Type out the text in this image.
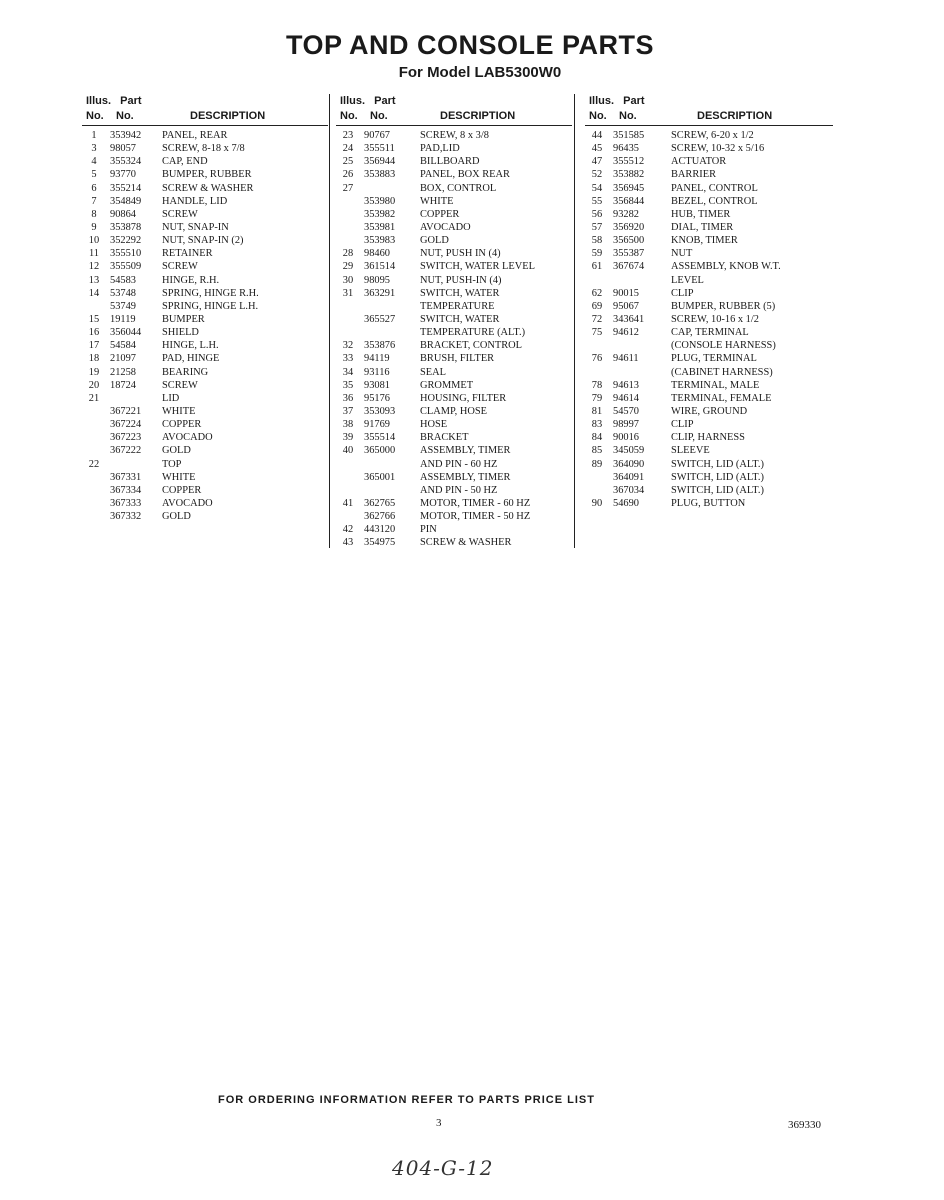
TOP AND CONSOLE PARTS
For Model LAB5300W0
Illus. Part
No. No.	DESCRIPTION
1	353942 PANEL, REAR
3	98057	SCREW, 8-18 x 7/8
4	355324 CAP, END
5	93770	BUMPER, RUBBER
6	355214 SCREW & WASHER
7	354849 HANDLE, LID
8	90864	SCREW
9	353878 NUT, SNAP-IN
10	352292 NUT, SNAP-IN (2)
11	355510 RETAINER
12	355509 SCREW
13	54583	HINGE, R.H.
14	53748	SPRING, HINGE R.H.
53749	SPRING, HINGE L.H.
15	19119	BUMPER
16	356044 SHIELD
17	54584	HINGE, L.H.
18	21097	PAD, HINGE
19	21258	BEARING
20	18724	SCREW
21	LID
367221 WHITE
367224 COPPER
367223 AVOCADO
367222 GOLD
22	TOP
367331 WHITE
367334 COPPER
367333 AVOCADO
367332 GOLD
Illus. Part
No. No.	DESCRIPTION
23	90767	SCREW, 8 x 3/8
24	355511 PAD,LID
25	356944 BILLBOARD
26	353883 PANEL, BOX REAR
27	BOX, CONTROL
353980 WHITE
353982 COPPER
353981 AVOCADO
353983 GOLD
28	98460	NUT, PUSH IN (4)
29	361514 SWITCH, WATER LEVEL
30	98095	NUT, PUSH-IN (4)
31	363291 SWITCH, WATER
TEMPERATURE
365527 SWITCH, WATER
TEMPERATURE (ALT.)
32	353876 BRACKET, CONTROL
33	94119	BRUSH, FILTER
34	93116	SEAL
35	93081	GROMMET
36	95176	HOUSING, FILTER
37	353093 CLAMP, HOSE
38	91769	HOSE
39	355514 BRACKET
40	365000 ASSEMBLY, TIMER
AND PIN - 60 HZ
365001 ASSEMBLY, TIMER
AND PIN - 50 HZ
41	362765 MOTOR, TIMER - 60 HZ
362766 MOTOR, TIMER - 50 HZ
42	443120 PIN
43	354975 SCREW & WASHER
Illus. Part
No. No.	DESCRIPTION
44	351585	SCREW, 6-20 x 1/2
45	96435	SCREW, 10-32 x 5/16
47	355512	ACTUATOR
52	353882	BARRIER
54	356945	PANEL, CONTROL
55	356844	BEZEL, CONTROL
56	93282	HUB, TIMER
57	356920	DIAL, TIMER
58	356500	KNOB, TIMER
59	355387	NUT
61	367674	ASSEMBLY, KNOB W.T.
LEVEL
62	90015	CLIP
69	95067	BUMPER, RUBBER (5)
72	343641	SCREW, 10-16 x 1/2
75	94612	CAP, TERMINAL
(CONSOLE HARNESS)
76	94611	PLUG, TERMINAL
(CABINET HARNESS)
78	94613	TERMINAL, MALE
79	94614	TERMINAL, FEMALE
81	54570	WIRE, GROUND
83	98997	CLIP
84	90016	CLIP, HARNESS
85	345059	SLEEVE
89	364090	SWITCH, LID (ALT.)
364091	SWITCH, LID (ALT.)
367034	SWITCH, LID (ALT.)
90	54690	PLUG, BUTTON
FOR ORDERING INFORMATION REFER TO PARTS PRICE LIST
3	369330
404-G-12
